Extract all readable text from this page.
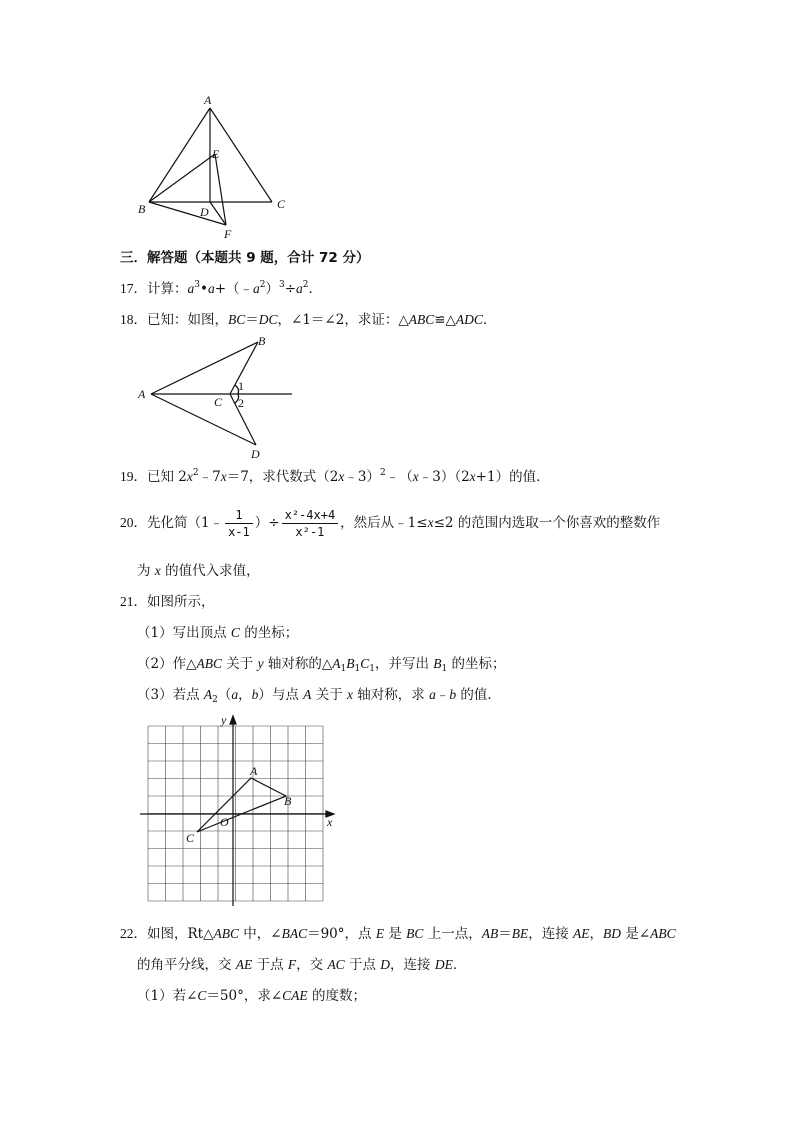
A
E
B	D
C
F
三．解答题（本题共 9 题，合计 72 分）
17．计算：$a^3•a+(﹣a^2)^3\div a^2$．
18．已知：如图，BC＝DC，∠1＝∠2，求证：△ABC≌△ADC．
A
B
C
D
1
2
19．已知 $2x^2﹣7x=7$，求代数式（2x﹣3）$^2$﹣（x﹣3）（2x+1）的值．
20．先化简（1﹣ $\frac{1}{x-1}$ ）÷ $\frac{\text{x²-4x+4}}{\text{x²-1}}$ ，然后从﹣1≤x≤2 的范围内选取一个你喜欢的整数作
为 x 的值代入求值，
21．如图所示，
（1）写出顶点 C 的坐标；
（2）作△ABC 关于 y 轴对称的$\triangle A_1B_1C_1$，并写出 $B_1$ 的坐标；
（3）若点 $A_2(a$，b）与点 A 关于 x 轴对称，求 a﹣b 的值．
y
x
A
B
C
O
22．如图，Rt△ABC 中，∠BAC＝90°，点 E 是 BC 上一点，AB＝BE，连接 AE，BD 是∠ABC
的角平分线，交 AE 于点 F，交 AC 于点 D，连接 DE．
（1）若∠C＝50°，求∠CAE 的度数；
